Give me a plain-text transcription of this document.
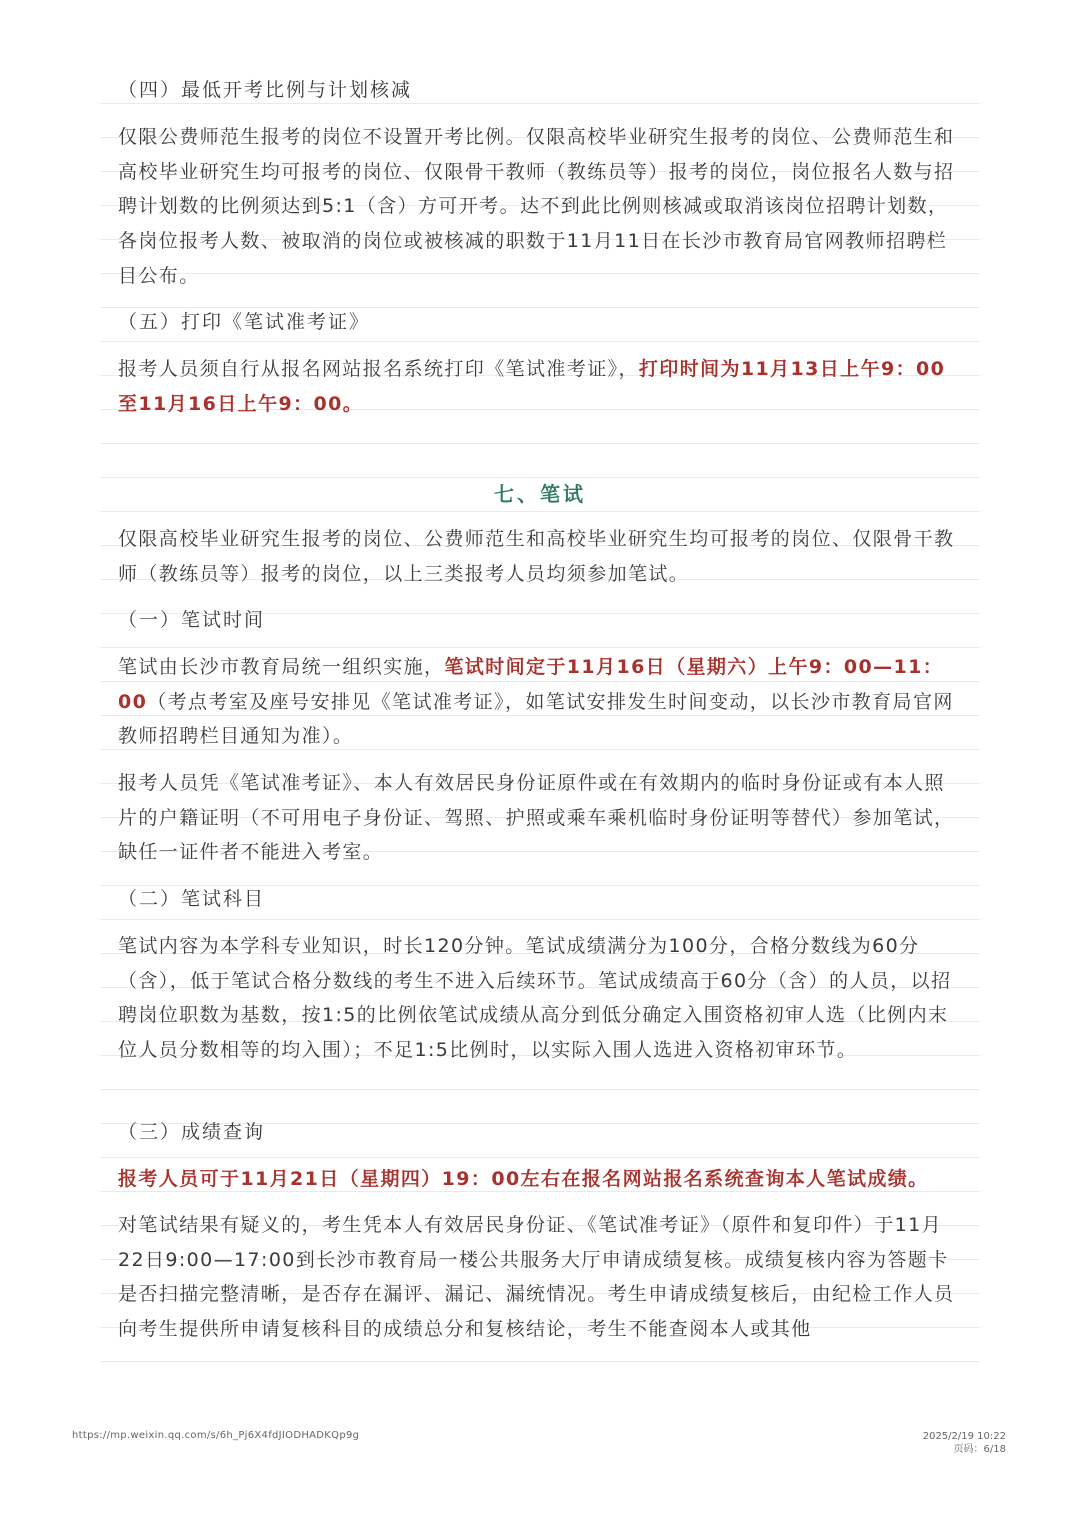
（四）最低开考比例与计划核减
仅限公费师范生报考的岗位不设置开考比例。仅限高校毕业研究生报考的岗位、公费师范生和高校毕业研究生均可报考的岗位、仅限骨干教师（教练员等）报考的岗位，岗位报名人数与招聘计划数的比例须达到5:1（含）方可开考。达不到此比例则核减或取消该岗位招聘计划数，各岗位报考人数、被取消的岗位或被核减的职数于11月11日在长沙市教育局官网教师招聘栏目公布。
（五）打印《笔试准考证》
报考人员须自行从报名网站报名系统打印《笔试准考证》，打印时间为11月13日上午9：00至11月16日上午9：00。
七、笔试
仅限高校毕业研究生报考的岗位、公费师范生和高校毕业研究生均可报考的岗位、仅限骨干教师（教练员等）报考的岗位，以上三类报考人员均须参加笔试。
（一）笔试时间
笔试由长沙市教育局统一组织实施，笔试时间定于11月16日（星期六）上午9：00—11：00（考点考室及座号安排见《笔试准考证》，如笔试安排发生时间变动，以长沙市教育局官网教师招聘栏目通知为准）。
报考人员凭《笔试准考证》、本人有效居民身份证原件或在有效期内的临时身份证或有本人照片的户籍证明（不可用电子身份证、驾照、护照或乘车乘机临时身份证明等替代）参加笔试，缺任一证件者不能进入考室。
（二）笔试科目
笔试内容为本学科专业知识，时长120分钟。笔试成绩满分为100分，合格分数线为60分（含），低于笔试合格分数线的考生不进入后续环节。笔试成绩高于60分（含）的人员，以招聘岗位职数为基数，按1:5的比例依笔试成绩从高分到低分确定入围资格初审人选（比例内末位人员分数相等的均入围）；不足1:5比例时，以实际入围人选进入资格初审环节。
（三）成绩查询
报考人员可于11月21日（星期四）19：00左右在报名网站报名系统查询本人笔试成绩。
对笔试结果有疑义的，考生凭本人有效居民身份证、《笔试准考证》（原件和复印件）于11月22日9:00—17:00到长沙市教育局一楼公共服务大厅申请成绩复核。成绩复核内容为答题卡是否扫描完整清晰，是否存在漏评、漏记、漏统情况。考生申请成绩复核后，由纪检工作人员向考生提供所申请复核科目的成绩总分和复核结论，考生不能查阅本人或其他
https://mp.weixin.qq.com/s/6h_Pj6X4fdJIODHADKQp9g	2025/2/19 10:22
页码：6/18
